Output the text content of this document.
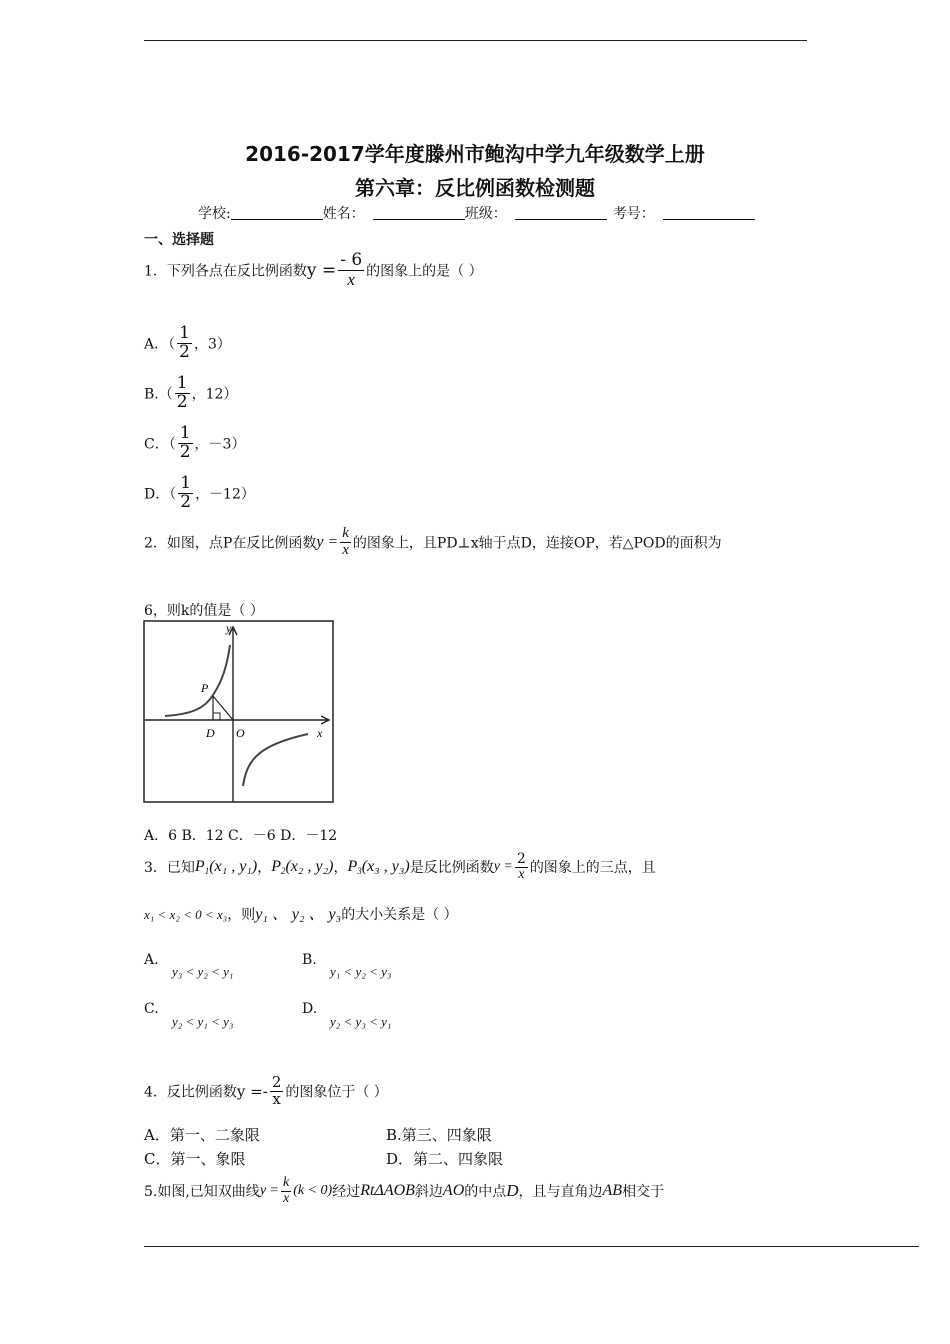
2016-2017学年度滕州市鲍沟中学九年级数学上册
第六章：反比例函数检测题
学校:	姓名：	班级：	考号：
一、选择题
1．下列各点在反比例函数$y = \frac{- 6}{x}$ 的图象上的是（ ）
A．（ $\frac{1}{2}$ ，3）
$B.( \frac{1}{2}$ ，12）
C．（ $\frac{1}{2}$ ，－3）
D．（ $\frac{1}{2}$ ，－12）
2．如图，点P在反比例函数$y = \frac{k}{x}$ 的图象上，且PD⊥x轴于点D，连接OP，若△POD的面积为
6，则k的值是（ ）
y
x
P
D O
A．6 B．12 C．－6 D．－12
3．已知$P_1(x_1$ , y₁)，$P_2(x_2$ , y₂)，$P_3(x_3$ , y₃)是反比例函数$y = \frac{2}{x}$ 的图象上的三点，且
x₁ < x₂ < 0 < x₃，则y₁ 、 y₂ 、 y₃的大小关系是（ ）
A.
y₃ < y₂ < y₁
B.
y₁ < y₂ < y₃
C.
y₂ < y₁ < y₃
D.
y₂ < y₃ < y₁
4．反比例函数$y =- \frac{2}{x}$ 的图象位于（ ）
A．第一、二象限	B.第三、四象限
C．第一、象限	D．第二、四象限
5.如图,已知双曲线$y = \frac{k}{x} (k < 0)$经过RtΔAOB斜边AO的中点D，且与直角边AB相交于
